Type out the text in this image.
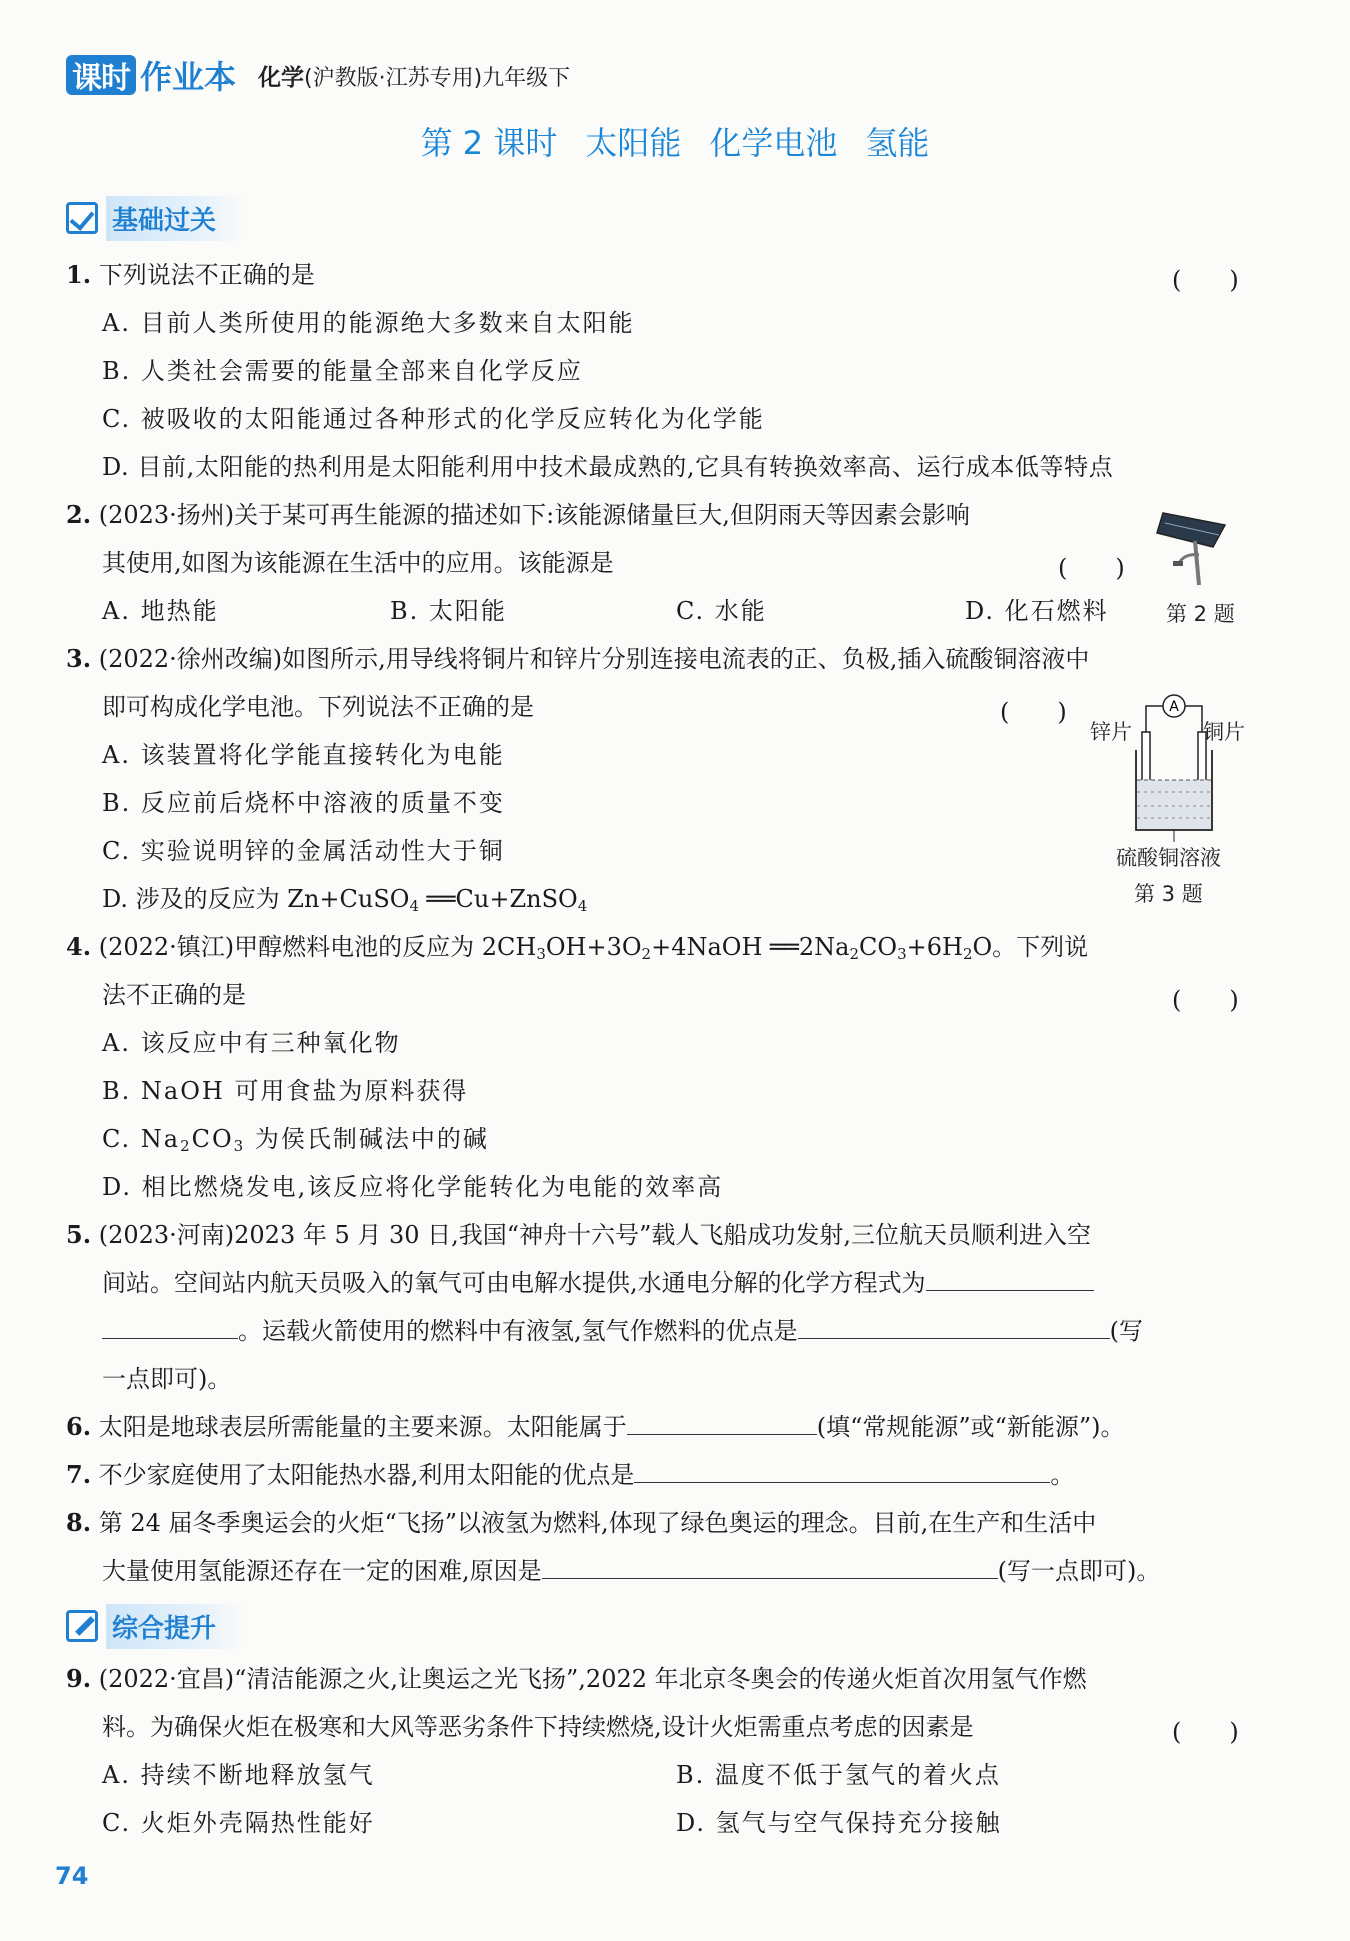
课时 作业本 化学(沪教版·江苏专用)九年级下
第 2 课时 太阳能 化学电池 氢能
基础过关
1. 下列说法不正确的是	(　　)
A. 目前人类所使用的能源绝大多数来自太阳能
B. 人类社会需要的能量全部来自化学反应
C. 被吸收的太阳能通过各种形式的化学反应转化为化学能
D. 目前,太阳能的热利用是太阳能利用中技术最成熟的,它具有转换效率高、运行成本低等特点
2. (2023·扬州)关于某可再生能源的描述如下:该能源储量巨大,但阴雨天等因素会影响
其使用,如图为该能源在生活中的应用。该能源是	(　　)
A. 地热能	B. 太阳能	C. 水能	D. 化石燃料	第 2 题
3. (2022·徐州改编)如图所示,用导线将铜片和锌片分别连接电流表的正、负极,插入硫酸铜溶液中
即可构成化学电池。下列说法不正确的是	(　　)
A. 该装置将化学能直接转化为电能
B. 反应前后烧杯中溶液的质量不变
C. 实验说明锌的金属活动性大于铜
D. 涉及的反应为 Zn+CuSO$_4$ ══Cu+ZnSO$_4$
A
锌片	铜片
硫酸铜溶液
第 3 题
4. (2022·镇江)甲醇燃料电池的反应为 $2CH_3OH+3O_2+4NaOH$ $══2Na_2CO_3+6H_2O$。下列说
法不正确的是	(　　)
A. 该反应中有三种氧化物
B. NaOH 可用食盐为原料获得
C. $Na_2CO_3$ 为侯氏制碱法中的碱
D. 相比燃烧发电,该反应将化学能转化为电能的效率高
5. (2023·河南)2023 年 5 月 30 日,我国“神舟十六号”载人飞船成功发射,三位航天员顺利进入空
间站。空间站内航天员吸入的氧气可由电解水提供,水通电分解的化学方程式为
。运载火箭使用的燃料中有液氢,氢气作燃料的优点是	(写
一点即可)。
6. 太阳是地球表层所需能量的主要来源。太阳能属于	(填“常规能源”或“新能源”)。
7. 不少家庭使用了太阳能热水器,利用太阳能的优点是	。
8. 第 24 届冬季奥运会的火炬“飞扬”以液氢为燃料,体现了绿色奥运的理念。目前,在生产和生活中
大量使用氢能源还存在一定的困难,原因是	(写一点即可)。
综合提升
9. (2022·宜昌)“清洁能源之火,让奥运之光飞扬”,2022 年北京冬奥会的传递火炬首次用氢气作燃
料。为确保火炬在极寒和大风等恶劣条件下持续燃烧,设计火炬需重点考虑的因素是	(　　)
A. 持续不断地释放氢气	B. 温度不低于氢气的着火点
C. 火炬外壳隔热性能好	D. 氢气与空气保持充分接触
74
